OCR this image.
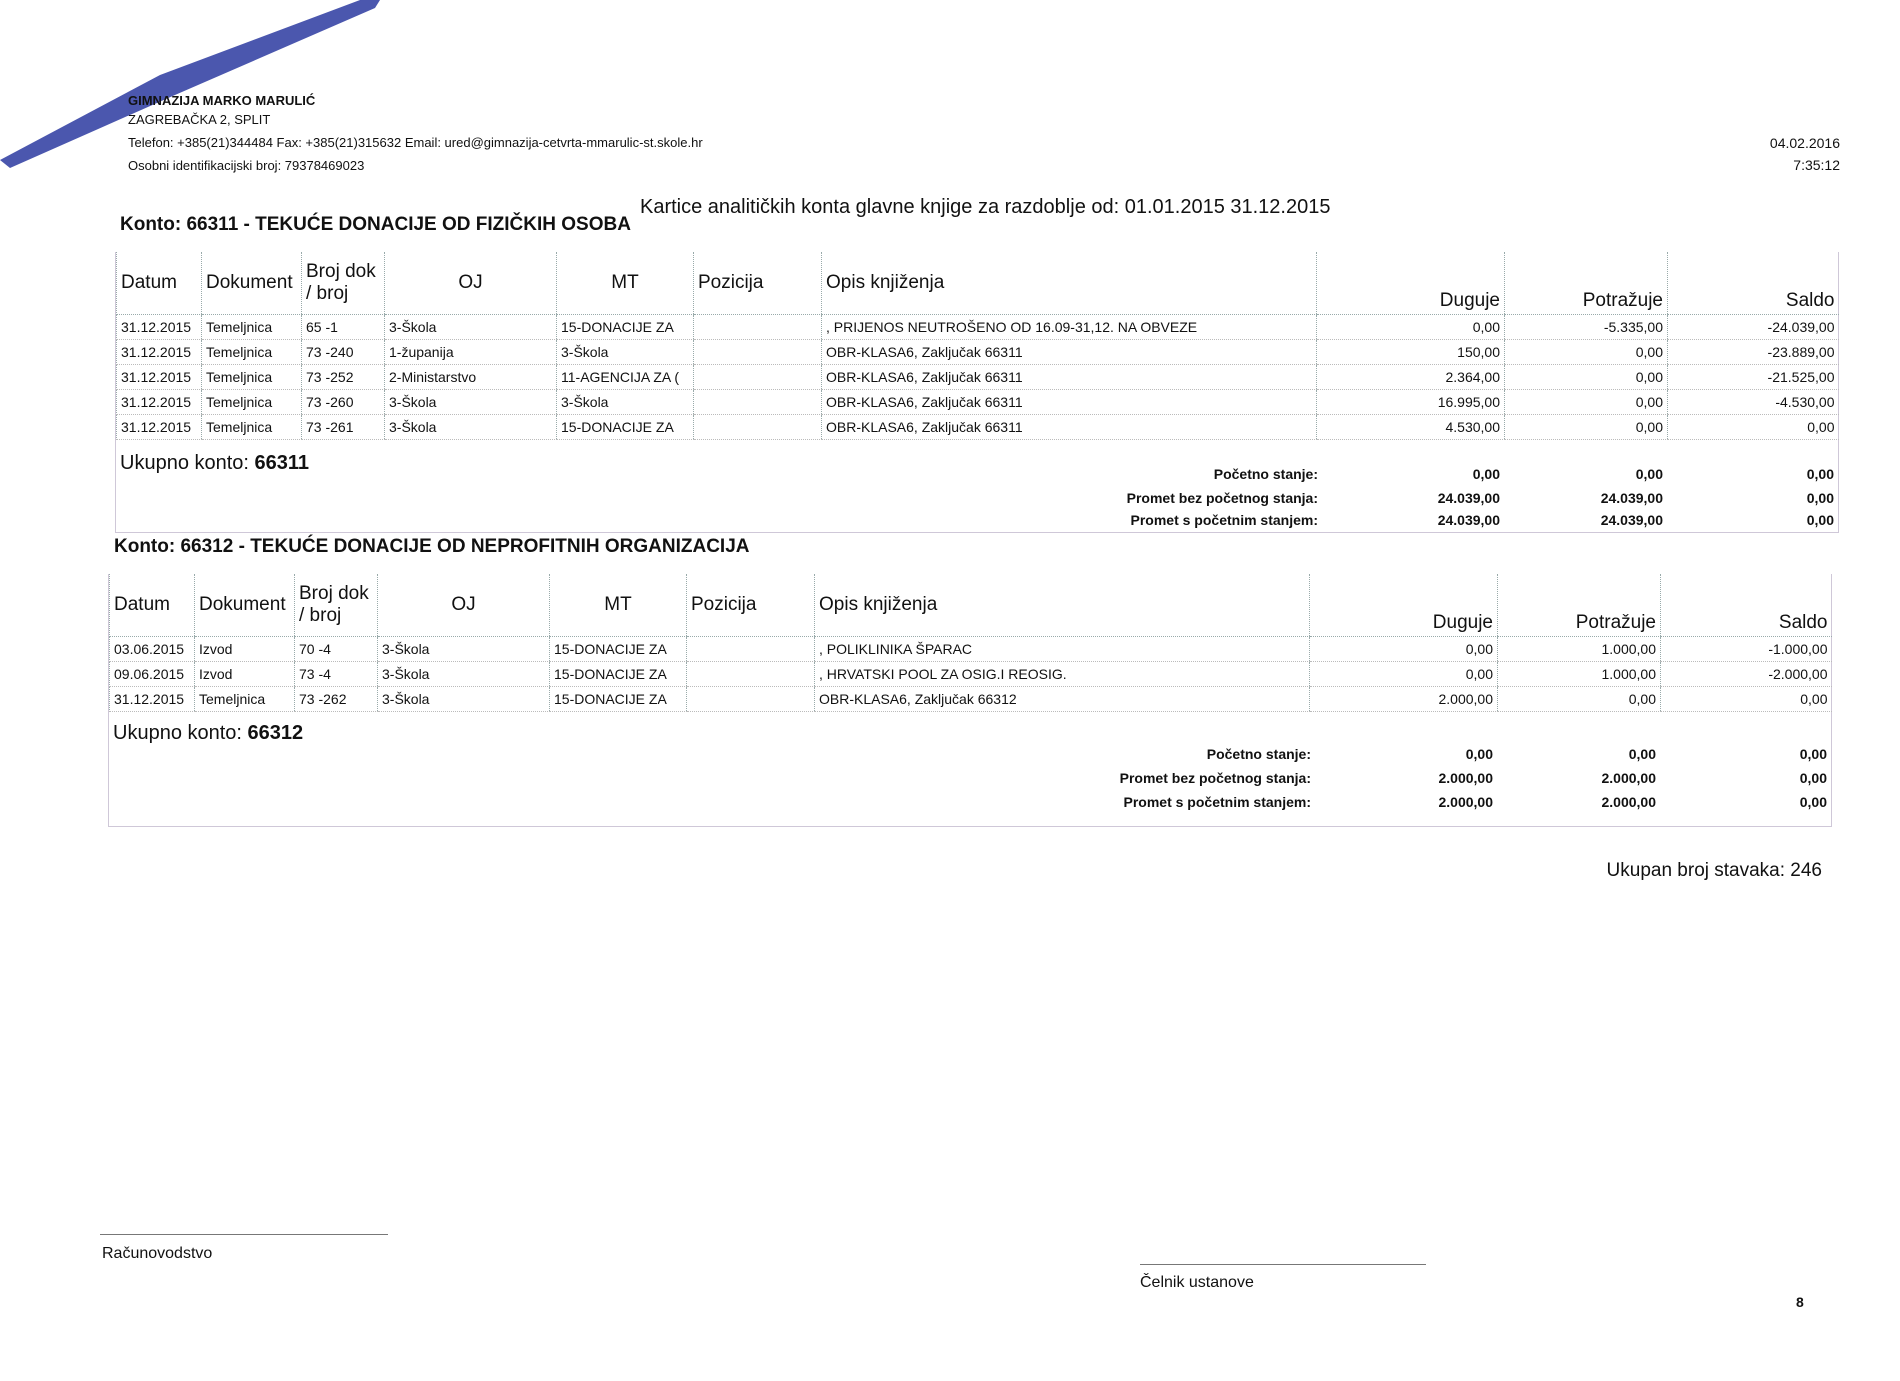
GIMNAZIJA MARKO MARULIĆ
ZAGREBAČKA 2, SPLIT
Telefon: +385(21)344484 Fax: +385(21)315632 Email: ured@gimnazija-cetvrta-mmarulic-st.skole.hr
Osobni identifikacijski broj: 79378469023
04.02.2016
7:35:12
Kartice analitičkih konta glavne knjige za razdoblje od: 01.01.2015 31.12.2015
Konto: 66311 - TEKUĆE DONACIJE OD FIZIČKIH OSOBA
Datum	Dokument	Broj dok / broj	OJ	MT	Pozicija	Opis knjiženja	Duguje	Potražuje	Saldo
31.12.2015	Temeljnica	65 -1	3-Škola	15-DONACIJE ZA		, PRIJENOS NEUTROŠENO OD 16.09-31,12. NA OBVEZE	0,00	-5.335,00	-24.039,00
31.12.2015	Temeljnica	73 -240	1-županija	3-Škola		OBR-KLASA6, Zaključak 66311	150,00	0,00	-23.889,00
31.12.2015	Temeljnica	73 -252	2-Ministarstvo	11-AGENCIJA ZA (		OBR-KLASA6, Zaključak 66311	2.364,00	0,00	-21.525,00
31.12.2015	Temeljnica	73 -260	3-Škola	3-Škola		OBR-KLASA6, Zaključak 66311	16.995,00	0,00	-4.530,00
31.12.2015	Temeljnica	73 -261	3-Škola	15-DONACIJE ZA		OBR-KLASA6, Zaključak 66311	4.530,00	0,00	0,00
Ukupno konto: 66311	Početno stanje:	0,00	0,00	0,00
Promet bez početnog stanja:	24.039,00	24.039,00	0,00
Promet s početnim stanjem:	24.039,00	24.039,00	0,00
Konto: 66312 - TEKUĆE DONACIJE OD NEPROFITNIH ORGANIZACIJA
Datum	Dokument	Broj dok / broj	OJ	MT	Pozicija	Opis knjiženja	Duguje	Potražuje	Saldo
03.06.2015	Izvod	70 -4	3-Škola	15-DONACIJE ZA		, POLIKLINIKA ŠPARAC	0,00	1.000,00	-1.000,00
09.06.2015	Izvod	73 -4	3-Škola	15-DONACIJE ZA		, HRVATSKI POOL ZA OSIG.I REOSIG.	0,00	1.000,00	-2.000,00
31.12.2015	Temeljnica	73 -262	3-Škola	15-DONACIJE ZA		OBR-KLASA6, Zaključak 66312	2.000,00	0,00	0,00
Ukupno konto: 66312
Početno stanje:	0,00	0,00	0,00
Promet bez početnog stanja:	2.000,00	2.000,00	0,00
Promet s početnim stanjem:	2.000,00	2.000,00	0,00
Ukupan broj stavaka: 246
Računovodstvo
Čelnik ustanove
8
